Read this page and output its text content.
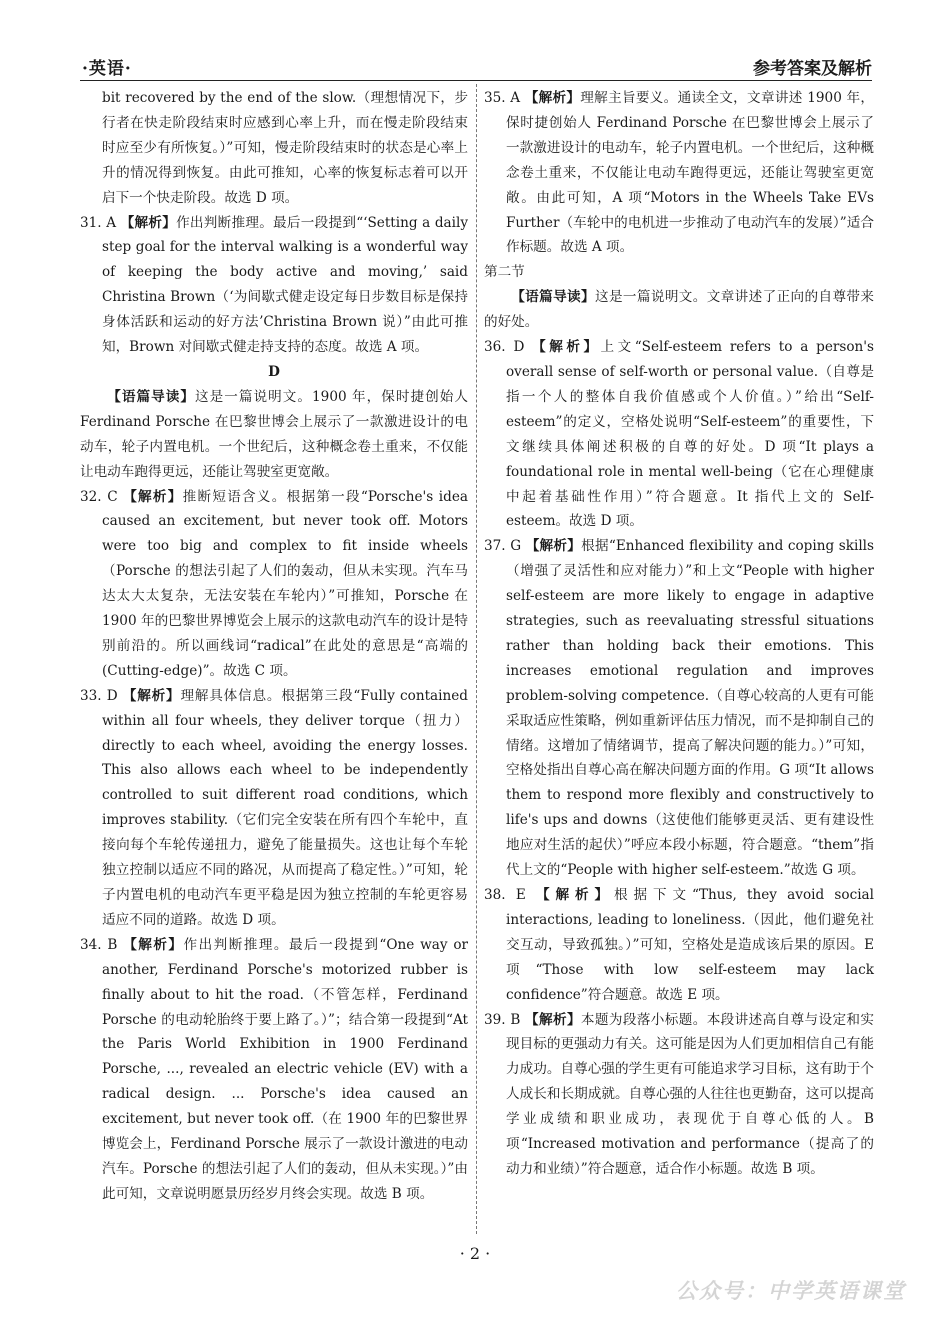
·英语·	参考答案及解析

bit recovered by the end of the slow.（理想情况下，步行者在快走阶段结束时应感到心率上升，而在慢走阶段结束时应至少有所恢复。）”可知，慢走阶段结束时的状态是心率上升的情况得到恢复。由此可推知，心率的恢复标志着可以开启下一个快走阶段。故选 D 项。

31. A 【解析】作出判断推理。最后一段提到“‘Setting a daily step goal for the interval walking is a wonderful way of keeping the body active and moving,’ said Christina Brown（‘为间歇式健走设定每日步数目标是保持身体活跃和运动的好方法’Christina Brown 说）”由此可推知，Brown 对间歇式健走持支持的态度。故选 A 项。

D

【语篇导读】这是一篇说明文。1900 年，保时捷创始人 Ferdinand Porsche 在巴黎世博会上展示了一款激进设计的电动车，轮子内置电机。一个世纪后，这种概念卷土重来，不仅能让电动车跑得更远，还能让驾驶室更宽敞。

32. C 【解析】推断短语含义。根据第一段“Porsche's idea caused an excitement, but never took off. Motors were too big and complex to fit inside wheels（Porsche 的想法引起了人们的轰动，但从未实现。汽车马达太大太复杂，无法安装在车轮内）”可推知，Porsche 在 1900 年的巴黎世界博览会上展示的这款电动汽车的设计是特别前沿的。所以画线词“radical”在此处的意思是“高端的(Cutting-edge)”。故选 C 项。

33. D 【解析】理解具体信息。根据第三段“Fully contained within all four wheels, they deliver torque（扭力）directly to each wheel, avoiding the energy losses. This also allows each wheel to be independently controlled to suit different road conditions, which improves stability.（它们完全安装在所有四个车轮中，直接向每个车轮传递扭力，避免了能量损失。这也让每个车轮独立控制以适应不同的路况，从而提高了稳定性。）”可知，轮子内置电机的电动汽车更平稳是因为独立控制的车轮更容易适应不同的道路。故选 D 项。

34. B 【解析】作出判断推理。最后一段提到“One way or another, Ferdinand Porsche's motorized rubber is finally about to hit the road.（不管怎样，Ferdinand Porsche 的电动轮胎终于要上路了。）”；结合第一段提到“At the Paris World Exhibition in 1900 Ferdinand Porsche, ..., revealed an electric vehicle (EV) with a radical design. ... Porsche's idea caused an excitement, but never took off.（在 1900 年的巴黎世界博览会上，Ferdinand Porsche 展示了一款设计激进的电动汽车。Porsche 的想法引起了人们的轰动，但从未实现。）”由此可知，文章说明愿景历经岁月终会实现。故选 B 项。

35. A 【解析】理解主旨要义。通读全文，文章讲述 1900 年，保时捷创始人 Ferdinand Porsche 在巴黎世博会上展示了一款激进设计的电动车，轮子内置电机。一个世纪后，这种概念卷土重来，不仅能让电动车跑得更远，还能让驾驶室更宽敞。由此可知，A 项“Motors in the Wheels Take EVs Further（车轮中的电机进一步推动了电动汽车的发展）”适合作标题。故选 A 项。

第二节

【语篇导读】这是一篇说明文。文章讲述了正向的自尊带来的好处。

36. D 【解析】上文“Self-esteem refers to a person's overall sense of self-worth or personal value.（自尊是指一个人的整体自我价值感或个人价值。）”给出“Self-esteem”的定义，空格处说明“Self-esteem”的重要性，下文继续具体阐述积极的自尊的好处。D 项“It plays a foundational role in mental well-being（它在心理健康中起着基础性作用）”符合题意。It 指代上文的 Self-esteem。故选 D 项。

37. G 【解析】根据“Enhanced flexibility and coping skills（增强了灵活性和应对能力）”和上文“People with higher self-esteem are more likely to engage in adaptive strategies, such as reevaluating stressful situations rather than holding back their emotions. This increases emotional regulation and improves problem-solving competence.（自尊心较高的人更有可能采取适应性策略，例如重新评估压力情况，而不是抑制自己的情绪。这增加了情绪调节，提高了解决问题的能力。）”可知，空格处指出自尊心高在解决问题方面的作用。G 项“It allows them to respond more flexibly and constructively to life's ups and downs（这使他们能够更灵活、更有建设性地应对生活的起伏）”呼应本段小标题，符合题意。“them”指代上文的“People with higher self-esteem.”故选 G 项。

38. E 【解析】根据下文“Thus, they avoid social interactions, leading to loneliness.（因此，他们避免社交互动，导致孤独。）”可知，空格处是造成该后果的原因。E 项“Those with low self-esteem may lack confidence”符合题意。故选 E 项。

39. B 【解析】本题为段落小标题。本段讲述高自尊与设定和实现目标的更强动力有关。这可能是因为人们更加相信自己有能力成功。自尊心强的学生更有可能追求学习目标，这有助于个人成长和长期成就。自尊心强的人往往也更勤奋，这可以提高学业成绩和职业成功，表现优于自尊心低的人。B 项“Increased motivation and performance（提高了的动力和业绩）”符合题意，适合作小标题。故选 B 项。

· 2 ·
公众号：中学英语课堂
